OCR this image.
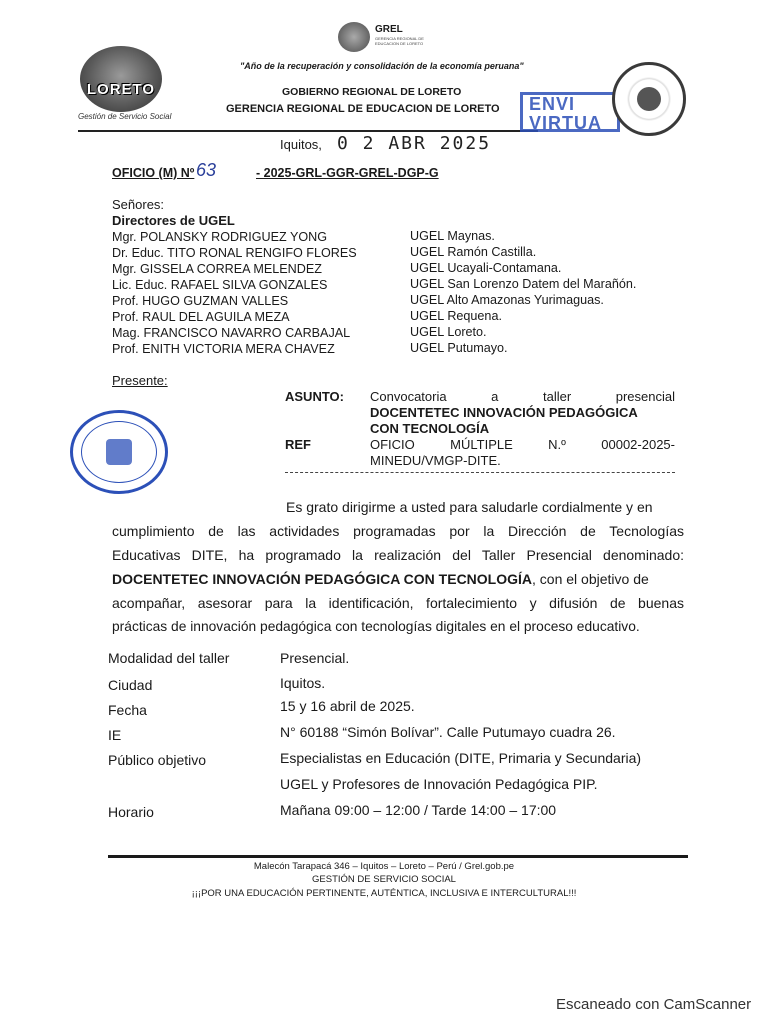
LORETO
Gestión de Servicio Social
GREL
GERENCIA REGIONAL DE EDUCACION DE LORETO
"Año de la recuperación y consolidación de la economía peruana"
GOBIERNO REGIONAL DE LORETO
GERENCIA REGIONAL DE EDUCACION DE LORETO ENVI
VIRTUA
Iquitos, 0 2 ABR 2025
OFICIO (M) Nº 63	- 2025-GRL-GGR-GREL-DGP-G
Señores:
Directores de UGEL
Mgr. POLANSKY RODRIGUEZ YONG	UGEL Maynas.
Dr. Educ. TITO RONAL RENGIFO FLORES	UGEL Ramón Castilla.
Mgr. GISSELA CORREA MELENDEZ	UGEL Ucayali-Contamana.
Lic. Educ. RAFAEL SILVA GONZALES	UGEL San Lorenzo Datem del Marañón.
Prof. HUGO GUZMAN VALLES	UGEL Alto Amazonas Yurimaguas.
Prof. RAUL DEL AGUILA MEZA	UGEL Requena.
Mag. FRANCISCO NAVARRO CARBAJAL	UGEL Loreto.
Prof. ENITH VICTORIA MERA CHAVEZ	UGEL Putumayo.
Presente:
ASUNTO: Convocatoria a taller presencial
DOCENTETEC INNOVACIÓN PEDAGÓGICA
CON TECNOLOGÍA
REF	OFICIO MÚLTIPLE N.º 00002-2025-
MINEDU/VMGP-DITE.
Es grato dirigirme a usted para saludarle cordialmente y en
cumplimiento de las actividades programadas por la Dirección de Tecnologías
Educativas DITE, ha programado la realización del Taller Presencial denominado:
DOCENTETEC INNOVACIÓN PEDAGÓGICA CON TECNOLOGÍA, con el objetivo de
acompañar, asesorar para la identificación, fortalecimiento y difusión de buenas
prácticas de innovación pedagógica con tecnologías digitales en el proceso educativo.
Modalidad del taller	Presencial.
Ciudad	Iquitos.
Fecha	15 y 16 abril de 2025.
IE	N° 60188 “Simón Bolívar”. Calle Putumayo cuadra 26.
Público objetivo	Especialistas en Educación (DITE, Primaria y Secundaria)
UGEL y Profesores de Innovación Pedagógica PIP.
Horario	Mañana 09:00 – 12:00 / Tarde 14:00 – 17:00
Malecón Tarapacá 346 – Iquitos – Loreto – Perú / Grel.gob.pe
GESTIÓN DE SERVICIO SOCIAL
¡¡¡POR UNA EDUCACIÓN PERTINENTE, AUTÉNTICA, INCLUSIVA E INTERCULTURAL!!!
Escaneado con CamScanner
